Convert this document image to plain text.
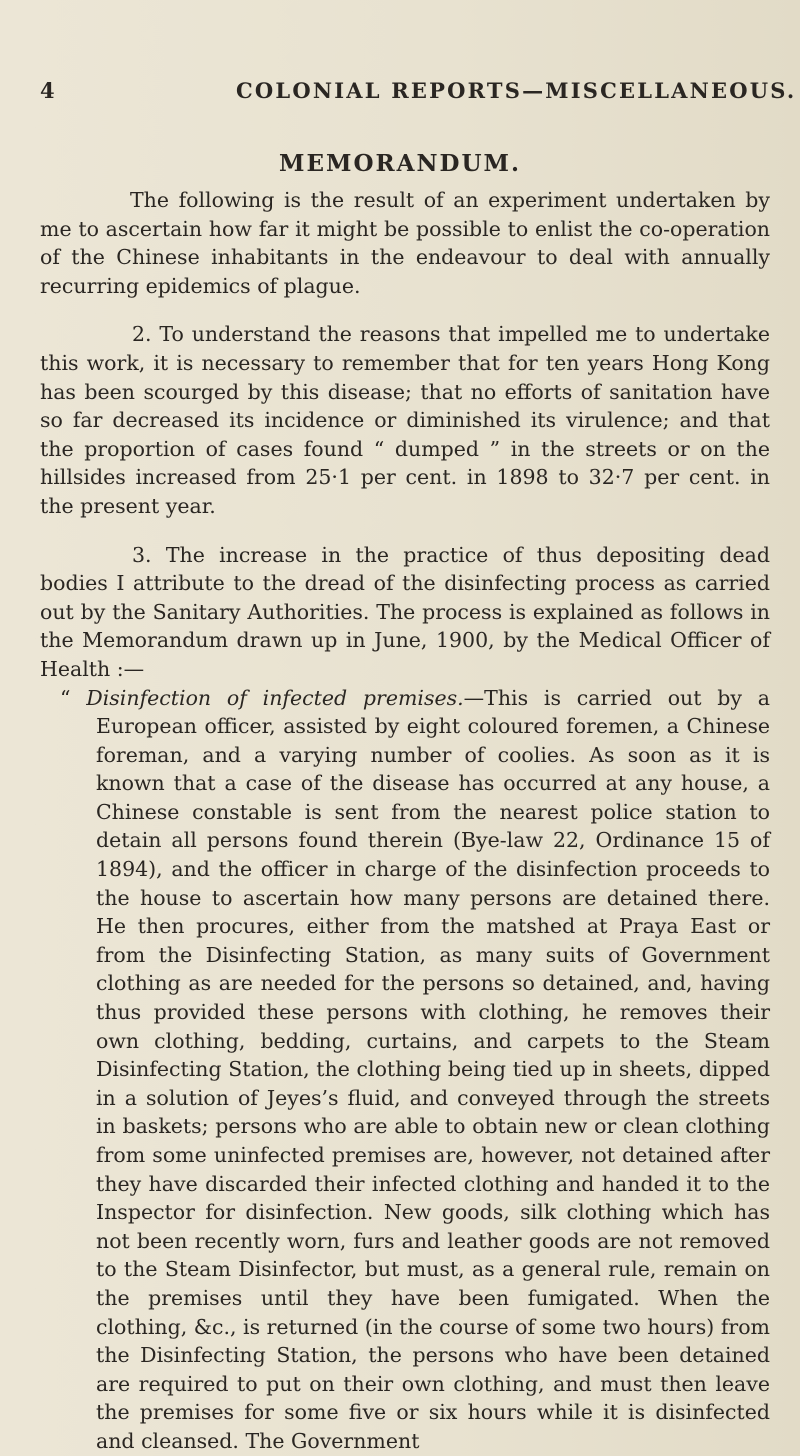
4	COLONIAL REPORTS—MISCELLANEOUS.
MEMORANDUM.

The following is the result of an experiment undertaken by me to ascertain how far it might be possible to enlist the co-operation of the Chinese inhabitants in the endeavour to deal with annually recurring epidemics of plague.

2. To understand the reasons that impelled me to undertake this work, it is necessary to remember that for ten years Hong Kong has been scourged by this disease; that no efforts of sanitation have so far decreased its incidence or diminished its virulence; and that the proportion of cases found “ dumped ” in the streets or on the hillsides increased from 25·1 per cent. in 1898 to 32·7 per cent. in the present year.

3. The increase in the practice of thus depositing dead bodies I attribute to the dread of the disinfecting process as carried out by the Sanitary Authorities. The process is explained as follows in the Memorandum drawn up in June, 1900, by the Medical Officer of Health :—

“ Disinfection of infected premises.—This is carried out by a European officer, assisted by eight coloured foremen, a Chinese foreman, and a varying number of coolies. As soon as it is known that a case of the disease has occurred at any house, a Chinese constable is sent from the nearest police station to detain all persons found therein (Bye-law 22, Ordinance 15 of 1894), and the officer in charge of the disinfection proceeds to the house to ascertain how many persons are detained there. He then procures, either from the matshed at Praya East or from the Disinfecting Station, as many suits of Government clothing as are needed for the persons so detained, and, having thus provided these persons with clothing, he removes their own clothing, bedding, curtains, and carpets to the Steam Disinfecting Station, the clothing being tied up in sheets, dipped in a solution of Jeyes’s fluid, and conveyed through the streets in baskets; persons who are able to obtain new or clean clothing from some uninfected premises are, however, not detained after they have discarded their infected clothing and handed it to the Inspector for disinfection. New goods, silk clothing which has not been recently worn, furs and leather goods are not removed to the Steam Disinfector, but must, as a general rule, remain on the premises until they have been fumigated. When the clothing, &c., is returned (in the course of some two hours) from the Disinfecting Station, the persons who have been detained are required to put on their own clothing, and must then leave the premises for some five or six hours while it is disinfected and cleansed. The Government
